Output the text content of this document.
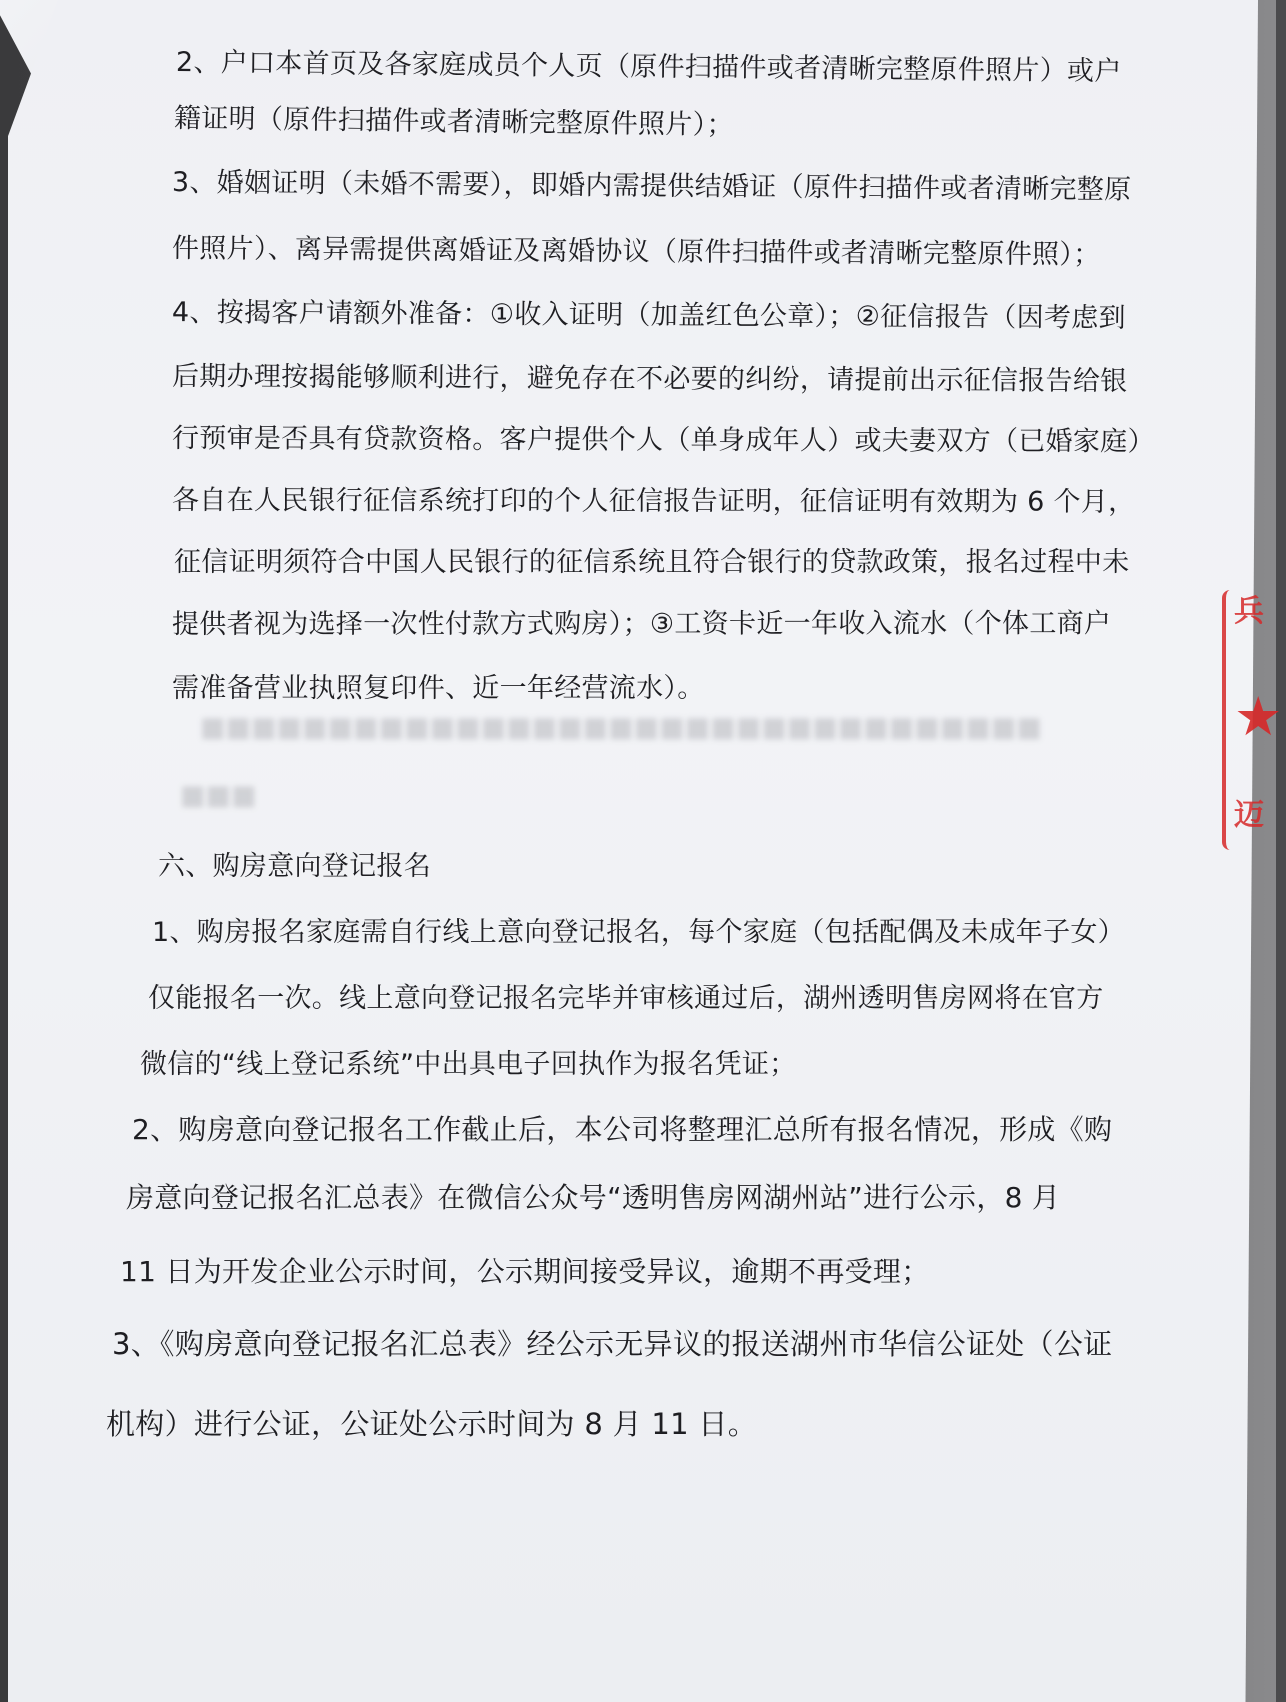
兵
★
迈
■■■■■■■■■■■■■■■■■■■■■■■■■■■■■■■■■
■■■
2、户口本首页及各家庭成员个人页（原件扫描件或者清晰完整原件照片）或户
籍证明（原件扫描件或者清晰完整原件照片）；
3、婚姻证明（未婚不需要），即婚内需提供结婚证（原件扫描件或者清晰完整原
件照片）、离异需提供离婚证及离婚协议（原件扫描件或者清晰完整原件照）；
4、按揭客户请额外准备：①收入证明（加盖红色公章）；②征信报告（因考虑到
后期办理按揭能够顺利进行，避免存在不必要的纠纷，请提前出示征信报告给银
行预审是否具有贷款资格。客户提供个人（单身成年人）或夫妻双方（已婚家庭）
各自在人民银行征信系统打印的个人征信报告证明，征信证明有效期为 6 个月，
征信证明须符合中国人民银行的征信系统且符合银行的贷款政策，报名过程中未
提供者视为选择一次性付款方式购房）；③工资卡近一年收入流水（个体工商户
需准备营业执照复印件、近一年经营流水）。
六、购房意向登记报名
1、购房报名家庭需自行线上意向登记报名，每个家庭（包括配偶及未成年子女）
仅能报名一次。线上意向登记报名完毕并审核通过后，湖州透明售房网将在官方
微信的“线上登记系统”中出具电子回执作为报名凭证；
2、购房意向登记报名工作截止后，本公司将整理汇总所有报名情况，形成《购
房意向登记报名汇总表》在微信公众号“透明售房网湖州站”进行公示，8 月
11 日为开发企业公示时间，公示期间接受异议，逾期不再受理；
3、《购房意向登记报名汇总表》经公示无异议的报送湖州市华信公证处（公证
机构）进行公证，公证处公示时间为 8 月 11 日。
